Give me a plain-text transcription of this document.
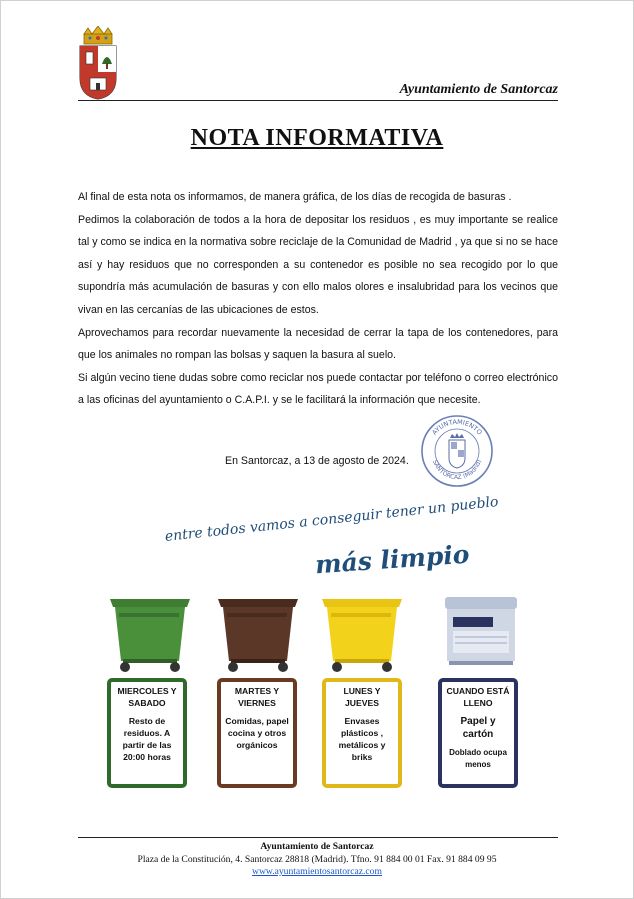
Ayuntamiento de Santorcaz
NOTA INFORMATIVA

Al final de esta nota os informamos, de manera gráfica, de los días de recogida de basuras .

Pedimos la colaboración de todos a la hora de depositar los residuos , es muy importante se realice tal y como se indica en la normativa sobre reciclaje de la Comunidad de Madrid , ya que si no se hace así y hay residuos que no corresponden a su contenedor es posible no sea recogido por lo que supondría más acumulación de basuras y con ello malos olores e insalubridad para los vecinos que vivan en las cercanías de las ubicaciones de estos.

Aprovechamos para recordar nuevamente la necesidad de cerrar la tapa de los contenedores, para que los animales no rompan las bolsas y saquen la basura al suelo.

Si algún vecino tiene dudas sobre como reciclar nos puede contactar por teléfono o correo electrónico a las oficinas del ayuntamiento o C.A.P.I. y se le facilitará la información que necesite.

En Santorcaz, a 13 de agosto de 2024.
AYUNTAMIENTO
SANTORCAZ (Madrid)
entre todos vamos a conseguir tener un pueblo
más limpio
MIERCOLES Y SABADO
Resto de residuos. A partir de las 20:00 horas
MARTES Y VIERNES
Comidas, papel cocina y otros orgánicos
LUNES Y JUEVES
Envases plásticos , metálicos y briks
CUANDO ESTÁ LLENO
Papel y cartón
Doblado ocupa menos
Ayuntamiento de Santorcaz
Plaza de la Constitución, 4. Santorcaz 28818 (Madrid). Tfno. 91 884 00 01 Fax. 91 884 09 95
www.ayuntamientosantorcaz.com
